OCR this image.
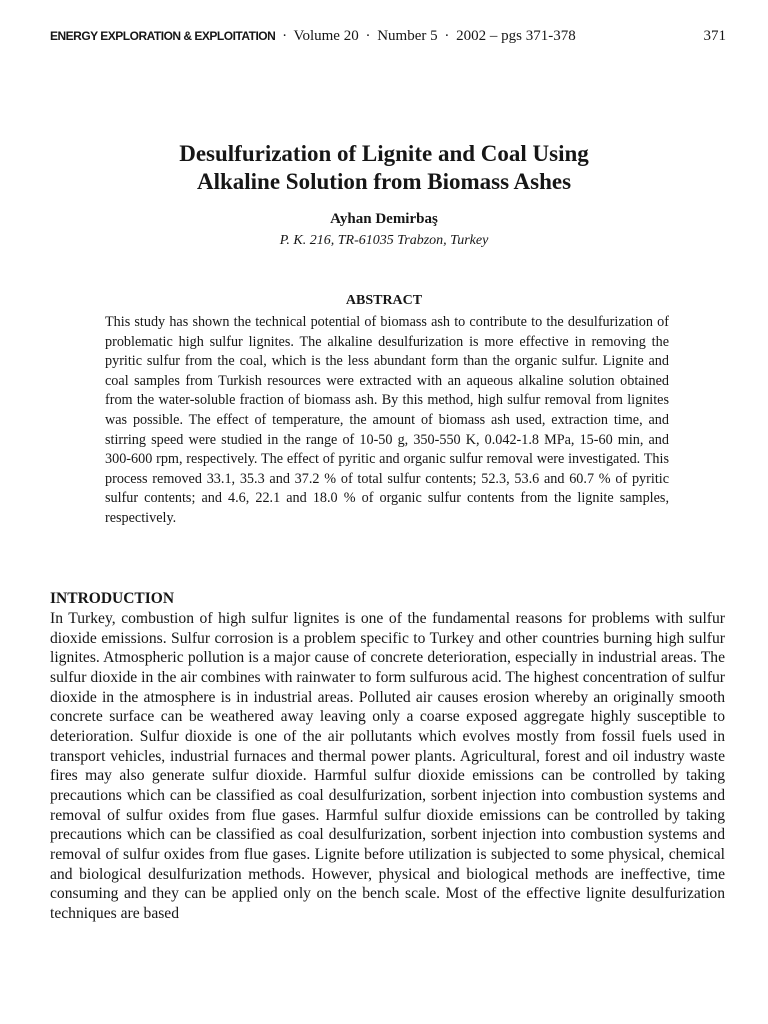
ENERGY EXPLORATION & EXPLOITATION · Volume 20 · Number 5 · 2002 – pgs 371-378	371
Desulfurization of Lignite and Coal Using
Alkaline Solution from Biomass Ashes
Ayhan Demirbaş
P. K. 216, TR-61035 Trabzon, Turkey
ABSTRACT

This study has shown the technical potential of biomass ash to contribute to the desulfurization of problematic high sulfur lignites. The alkaline desulfurization is more effective in removing the pyritic sulfur from the coal, which is the less abundant form than the organic sulfur. Lignite and coal samples from Turkish resources were extracted with an aqueous alkaline solution obtained from the water-soluble fraction of biomass ash. By this method, high sulfur removal from lignites was possible. The effect of temperature, the amount of biomass ash used, extraction time, and stirring speed were studied in the range of 10-50 g, 350-550 K, 0.042-1.8 MPa, 15-60 min, and 300-600 rpm, respectively. The effect of pyritic and organic sulfur removal were investigated. This process removed 33.1, 35.3 and 37.2 % of total sulfur contents; 52.3, 53.6 and 60.7 % of pyritic sulfur contents; and 4.6, 22.1 and 18.0 % of organic sulfur contents from the lignite samples, respectively.

INTRODUCTION

In Turkey, combustion of high sulfur lignites is one of the fundamental reasons for problems with sulfur dioxide emissions. Sulfur corrosion is a problem specific to Turkey and other countries burning high sulfur lignites. Atmospheric pollution is a major cause of concrete deterioration, especially in industrial areas. The sulfur dioxide in the air combines with rainwater to form sulfurous acid. The highest concentration of sulfur dioxide in the atmosphere is in industrial areas. Polluted air causes erosion whereby an originally smooth concrete surface can be weathered away leaving only a coarse exposed aggregate highly susceptible to deterioration. Sulfur dioxide is one of the air pollutants which evolves mostly from fossil fuels used in transport vehicles, industrial furnaces and thermal power plants. Agricultural, forest and oil industry waste fires may also generate sulfur dioxide. Harmful sulfur dioxide emissions can be controlled by taking precautions which can be classified as coal desulfurization, sorbent injection into combustion systems and removal of sulfur oxides from flue gases. Harmful sulfur dioxide emissions can be controlled by taking precautions which can be classified as coal desulfurization, sorbent injection into combustion systems and removal of sulfur oxides from flue gases. Lignite before utilization is subjected to some physical, chemical and biological desulfurization methods. However, physical and biological methods are ineffective, time consuming and they can be applied only on the bench scale. Most of the effective lignite desulfurization techniques are based
